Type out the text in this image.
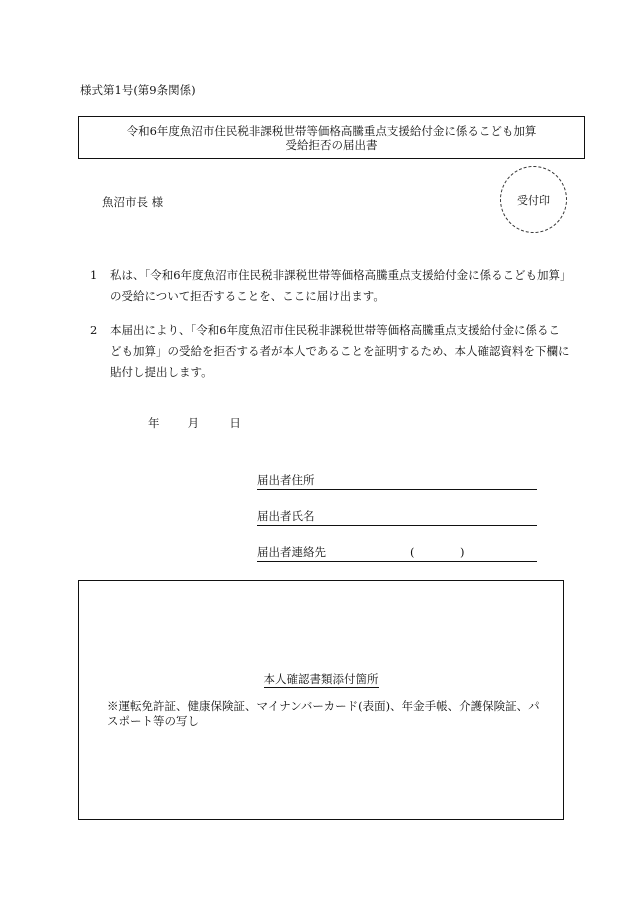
様式第1号(第9条関係)
令和6年度魚沼市住民税非課税世帯等価格高騰重点支援給付金に係るこども加算
受給拒否の届出書
魚沼市長 様	受付印
1	私は、「令和6年度魚沼市住民税非課税世帯等価格高騰重点支援給付金に係るこども加算」の受給について拒否することを、ここに届け出ます。
2	本届出により、「令和6年度魚沼市住民税非課税世帯等価格高騰重点支援給付金に係るこども加算」の受給を拒否する者が本人であることを証明するため、本人確認資料を下欄に貼付し提出します。
年 月	日
届出者住所
届出者氏名
届出者連絡先	(	)
本人確認書類添付箇所
※運転免許証、健康保険証、マイナンバーカード(表面)、年金手帳、介護保険証、パスポート等の写し
